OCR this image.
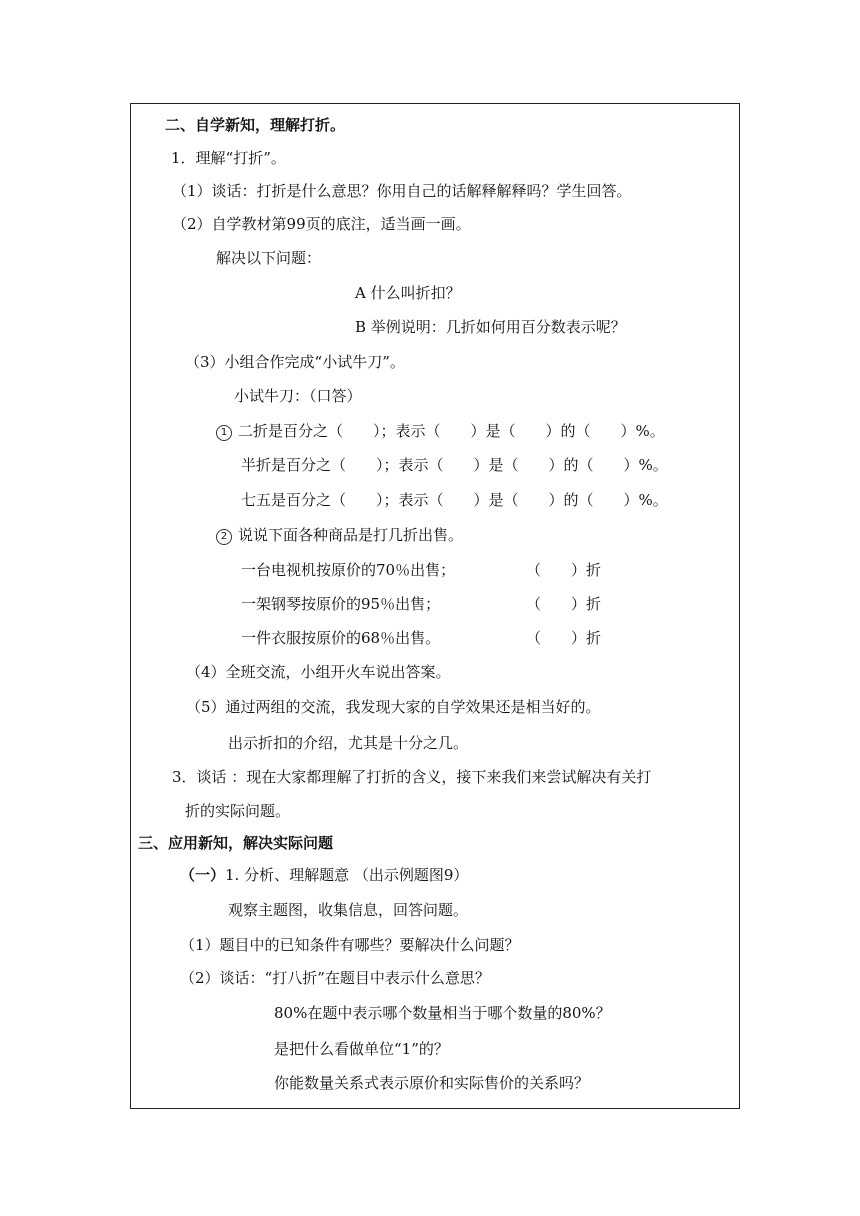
二、自学新知，理解打折。
1．理解“打折”。
（1）谈话：打折是什么意思？你用自己的话解释解释吗？学生回答。
（2）自学教材第99页的底注，适当画一画。
解决以下问题：
A 什么叫折扣？
B 举例说明：几折如何用百分数表示呢？
（3）小组合作完成“小试牛刀”。
小试牛刀：（口答）
1 二折是百分之（　　）；表示（　　）是（　　）的（　　）%。
半折是百分之（　　）；表示（　　）是（　　）的（　　）%。
七五是百分之（　　）；表示（　　）是（　　）的（　　）%。
2 说说下面各种商品是打几折出售。
一台电视机按原价的70％出售；	（　　）折
一架钢琴按原价的95％出售；	（　　）折
一件衣服按原价的68％出售。	（　　）折
（4）全班交流，小组开火车说出答案。
（5）通过两组的交流，我发现大家的自学效果还是相当好的。
出示折扣的介绍，尤其是十分之几。
3．谈话 ：现在大家都理解了打折的含义，接下来我们来尝试解决有关打
折的实际问题。
三、应用新知，解决实际问题
（一）1. 分析、理解题意 （出示例题图9）
观察主题图，收集信息，回答问题。
（1）题目中的已知条件有哪些？要解决什么问题？
（2）谈话：“打八折”在题目中表示什么意思？
80%在题中表示哪个数量相当于哪个数量的80%？
是把什么看做单位“1”的？
你能数量关系式表示原价和实际售价的关系吗？
